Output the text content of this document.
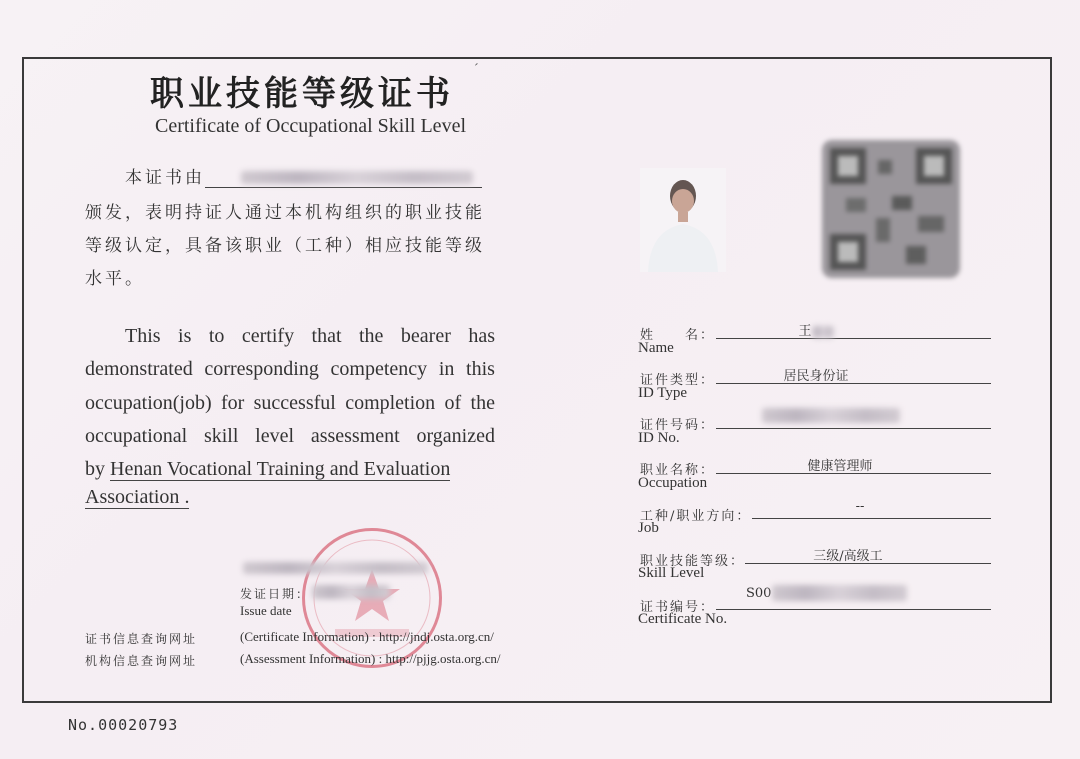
职业技能等级证书
ˊ
Certificate of Occupational Skill Level
本证书由
颁发，表明持证人通过本机构组织的职业技能
等级认定，具备该职业（工种）相应技能等级
水平。
This is to certify that the bearer has
demonstrated corresponding competency in this
occupation(job) for successful completion of the
occupational skill level assessment organized
by Henan Vocational Training and Evaluation
Association .
发证日期：
Issue date
证书信息查询网址	(Certificate Information) : http://jndj.osta.org.cn/
机构信息查询网址	(Assessment Information) : http://pjjg.osta.org.cn/
姓　　名：	王
Name
证件类型：	居民身份证
ID Type
证件号码：
ID No.
职业名称：	健康管理师
Occupation
工种/职业方向：
--
Job
职业技能等级：	三级/高级工
Skill Level
证书编号：
S00
Certificate No.
No.00020793
